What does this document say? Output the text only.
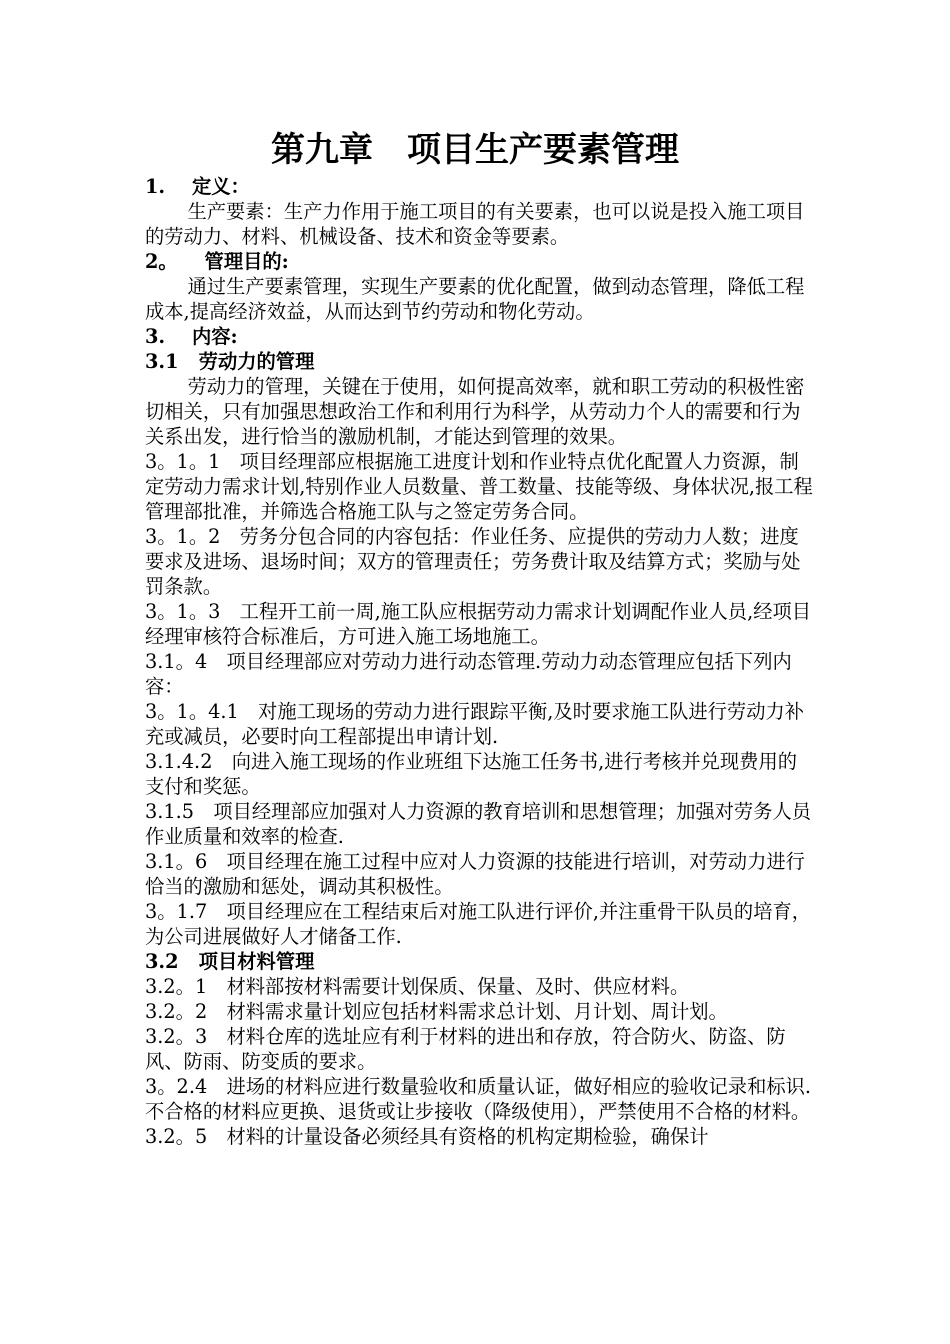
第九章　项目生产要素管理

1.    定义：

生产要素：生产力作用于施工项目的有关要素，也可以说是投入施工项目的劳动力、材料、机械设备、技术和资金等要素。

2。    管理目的:

通过生产要素管理，实现生产要素的优化配置，做到动态管理，降低工程成本,提高经济效益，从而达到节约劳动和物化劳动。

3.    内容:

3.1   劳动力的管理

劳动力的管理，关键在于使用，如何提高效率，就和职工劳动的积极性密切相关，只有加强思想政治工作和利用行为科学，从劳动力个人的需要和行为关系出发，进行恰当的激励机制，才能达到管理的效果。

3。1。1　项目经理部应根据施工进度计划和作业特点优化配置人力资源，制定劳动力需求计划,特别作业人员数量、普工数量、技能等级、身体状况,报工程管理部批准，并筛选合格施工队与之签定劳务合同。

3。1。2　劳务分包合同的内容包括：作业任务、应提供的劳动力人数；进度要求及进场、退场时间；双方的管理责任；劳务费计取及结算方式；奖励与处罚条款。

3。1。3　工程开工前一周,施工队应根据劳动力需求计划调配作业人员,经项目经理审核符合标准后，方可进入施工场地施工。

3.1。4　项目经理部应对劳动力进行动态管理.劳动力动态管理应包括下列内容：

3。1。4.1　对施工现场的劳动力进行跟踪平衡,及时要求施工队进行劳动力补充或减员，必要时向工程部提出申请计划.

3.1.4.2　向进入施工现场的作业班组下达施工任务书,进行考核并兑现费用的支付和奖惩。

3.1.5　项目经理部应加强对人力资源的教育培训和思想管理；加强对劳务人员作业质量和效率的检查.

3.1。6　项目经理在施工过程中应对人力资源的技能进行培训，对劳动力进行恰当的激励和惩处，调动其积极性。

3。1.7　项目经理应在工程结束后对施工队进行评价,并注重骨干队员的培育，为公司进展做好人才储备工作.

3.2   项目材料管理

3.2。1　材料部按材料需要计划保质、保量、及时、供应材料。

3.2。2　材料需求量计划应包括材料需求总计划、月计划、周计划。

3.2。3　材料仓库的选址应有利于材料的进出和存放，符合防火、防盗、防风、防雨、防变质的要求。

3。2.4　进场的材料应进行数量验收和质量认证，做好相应的验收记录和标识.不合格的材料应更换、退货或让步接收（降级使用），严禁使用不合格的材料。

3.2。5　材料的计量设备必须经具有资格的机构定期检验，确保计
